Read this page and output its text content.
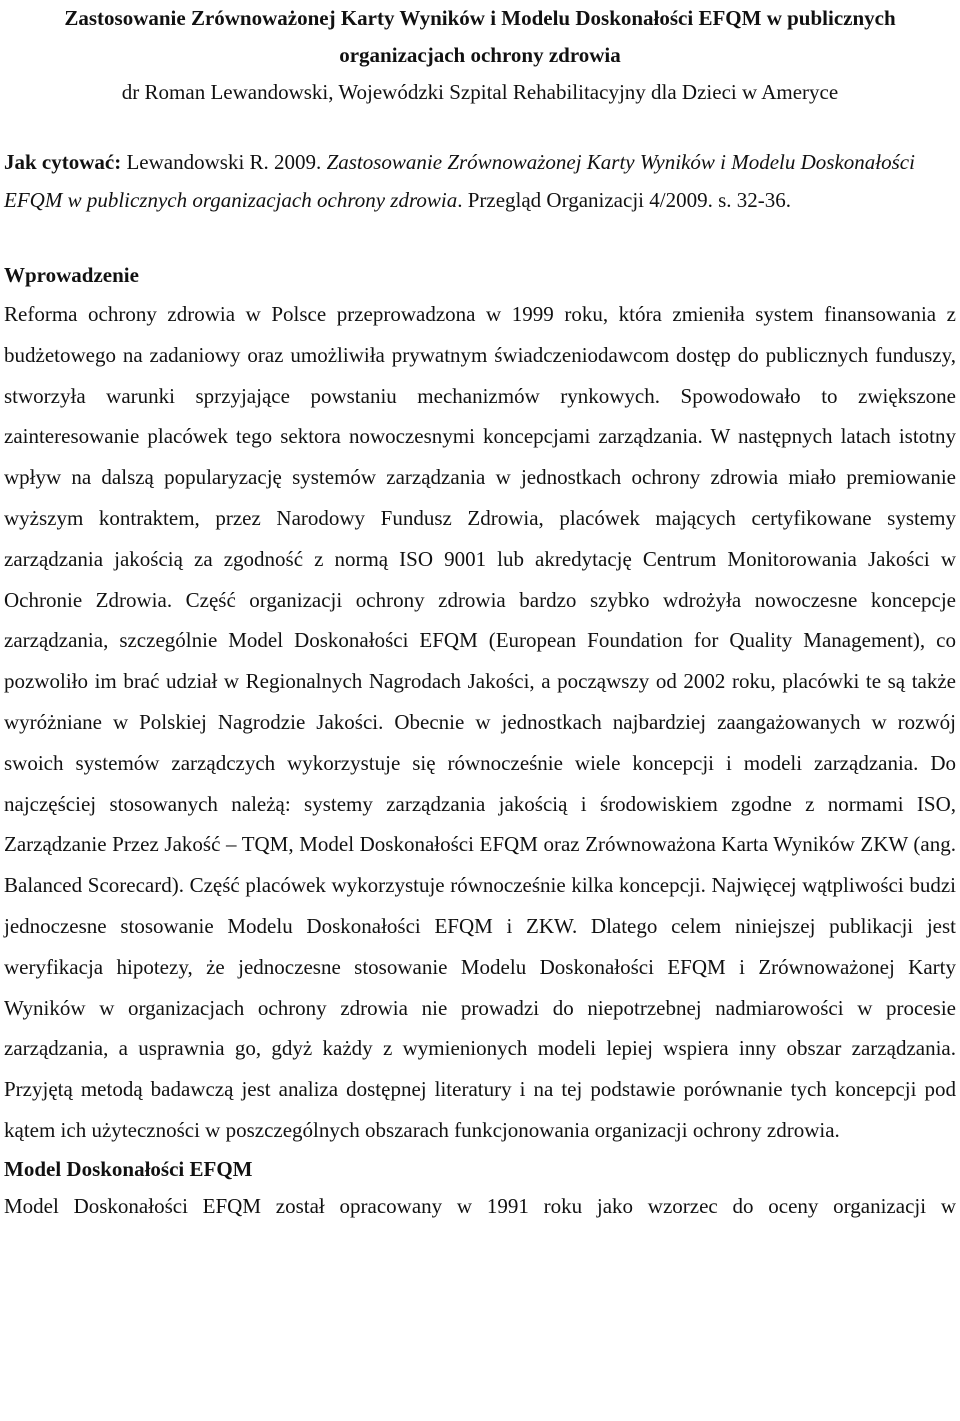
Zastosowanie Zrównoważonej Karty Wyników i Modelu Doskonałości EFQM w publicznych organizacjach ochrony zdrowia

dr Roman Lewandowski, Wojewódzki Szpital Rehabilitacyjny dla Dzieci w Ameryce

Jak cytować: Lewandowski R. 2009. Zastosowanie Zrównoważonej Karty Wyników i Modelu Doskonałości EFQM w publicznych organizacjach ochrony zdrowia. Przegląd Organizacji 4/2009. s. 32-36.

Wprowadzenie

Reforma ochrony zdrowia w Polsce przeprowadzona w 1999 roku, która zmieniła system finansowania z budżetowego na zadaniowy oraz umożliwiła prywatnym świadczeniodawcom dostęp do publicznych funduszy, stworzyła warunki sprzyjające powstaniu mechanizmów rynkowych. Spowodowało to zwiększone zainteresowanie placówek tego sektora nowoczesnymi koncepcjami zarządzania. W następnych latach istotny wpływ na dalszą popularyzację systemów zarządzania w jednostkach ochrony zdrowia miało premiowanie wyższym kontraktem, przez Narodowy Fundusz Zdrowia, placówek mających certyfikowane systemy zarządzania jakością za zgodność z normą ISO 9001 lub akredytację Centrum Monitorowania Jakości w Ochronie Zdrowia. Część organizacji ochrony zdrowia bardzo szybko wdrożyła nowoczesne koncepcje zarządzania, szczególnie Model Doskonałości EFQM (European Foundation for Quality Management), co pozwoliło im brać udział w Regionalnych Nagrodach Jakości, a począwszy od 2002 roku, placówki te są także wyróżniane w Polskiej Nagrodzie Jakości. Obecnie w jednostkach najbardziej zaangażowanych w rozwój swoich systemów zarządczych wykorzystuje się równocześnie wiele koncepcji i modeli zarządzania. Do najczęściej stosowanych należą: systemy zarządzania jakością i środowiskiem zgodne z normami ISO, Zarządzanie Przez Jakość – TQM, Model Doskonałości EFQM oraz Zrównoważona Karta Wyników ZKW (ang. Balanced Scorecard). Część placówek wykorzystuje równocześnie kilka koncepcji. Najwięcej wątpliwości budzi jednoczesne stosowanie Modelu Doskonałości EFQM i ZKW. Dlatego celem niniejszej publikacji jest weryfikacja hipotezy, że jednoczesne stosowanie Modelu Doskonałości EFQM i Zrównoważonej Karty Wyników w organizacjach ochrony zdrowia nie prowadzi do niepotrzebnej nadmiarowości w procesie zarządzania, a usprawnia go, gdyż każdy z wymienionych modeli lepiej wspiera inny obszar zarządzania. Przyjętą metodą badawczą jest analiza dostępnej literatury i na tej podstawie porównanie tych koncepcji pod kątem ich użyteczności w poszczególnych obszarach funkcjonowania organizacji ochrony zdrowia.

Model Doskonałości EFQM

Model Doskonałości EFQM został opracowany w 1991 roku jako wzorzec do oceny organizacji w
